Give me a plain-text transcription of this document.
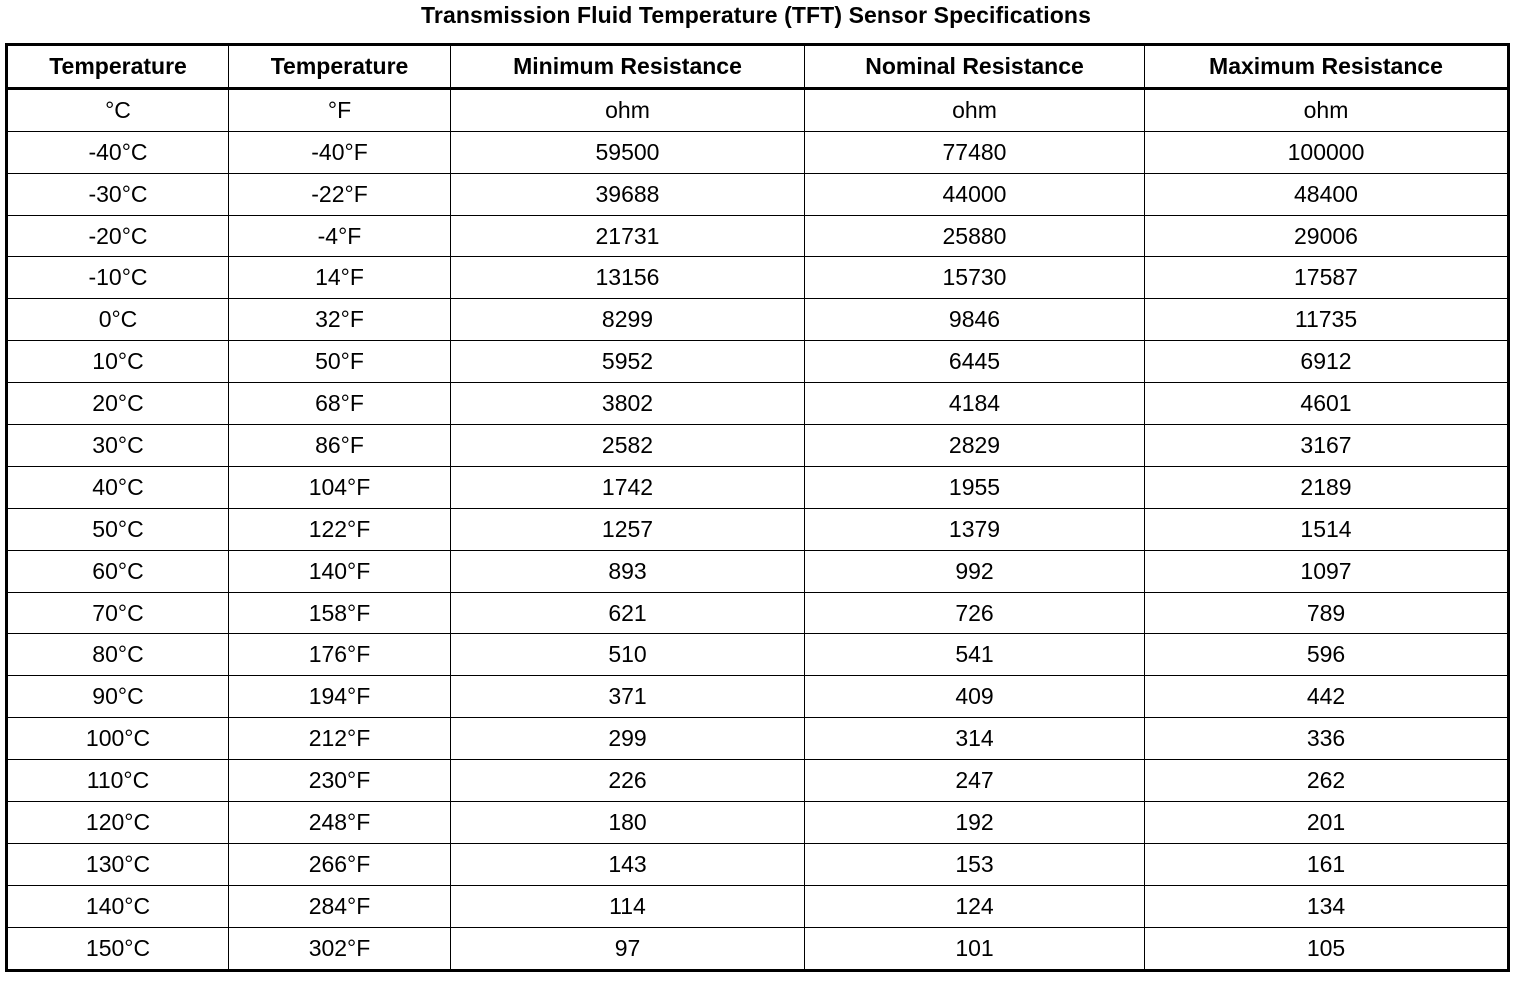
Transmission Fluid Temperature (TFT) Sensor Specifications
Temperature	Temperature	Minimum Resistance	Nominal Resistance	Maximum Resistance
°C	°F	ohm	ohm	ohm
-40°C	-40°F	59500	77480	100000
-30°C	-22°F	39688	44000	48400
-20°C	-4°F	21731	25880	29006
-10°C	14°F	13156	15730	17587
0°C	32°F	8299	9846	11735
10°C	50°F	5952	6445	6912
20°C	68°F	3802	4184	4601
30°C	86°F	2582	2829	3167
40°C	104°F	1742	1955	2189
50°C	122°F	1257	1379	1514
60°C	140°F	893	992	1097
70°C	158°F	621	726	789
80°C	176°F	510	541	596
90°C	194°F	371	409	442
100°C	212°F	299	314	336
110°C	230°F	226	247	262
120°C	248°F	180	192	201
130°C	266°F	143	153	161
140°C	284°F	114	124	134
150°C	302°F	97	101	105
